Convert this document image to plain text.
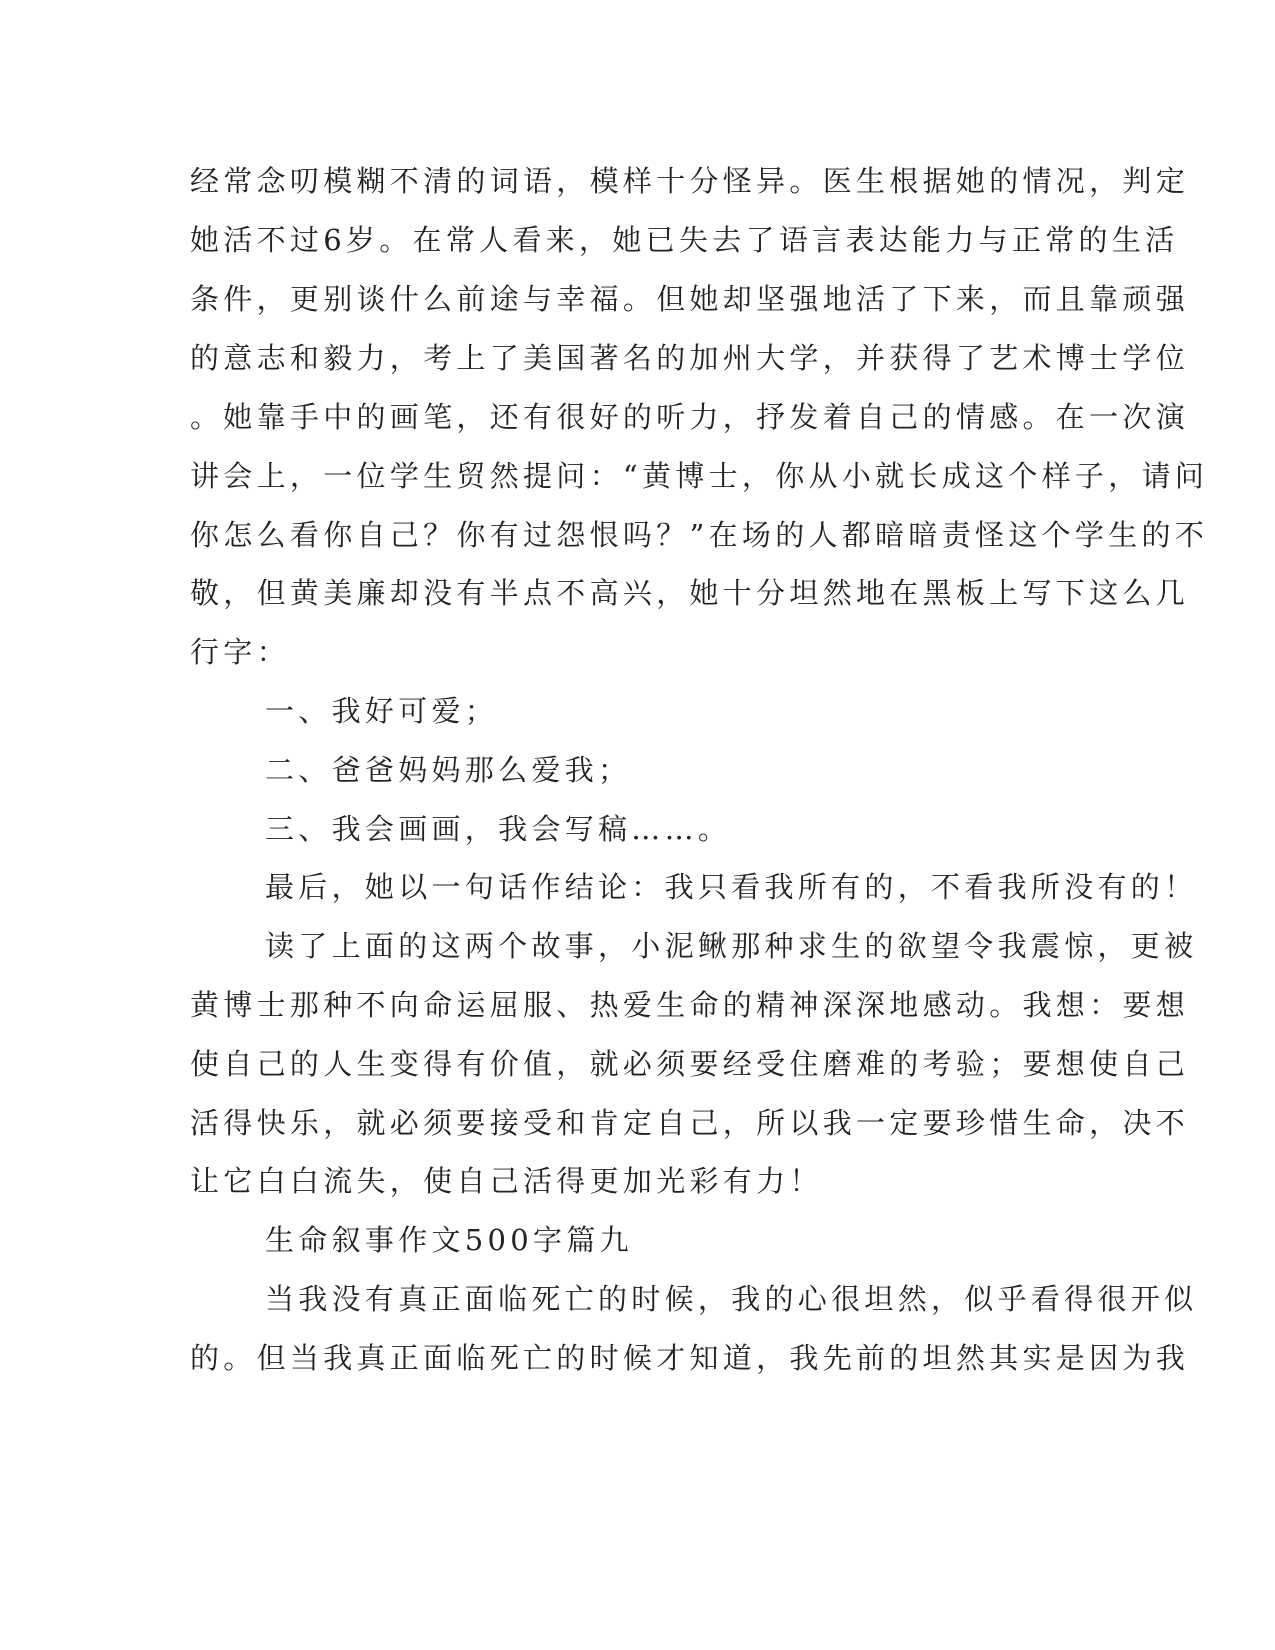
经常念叨模糊不清的词语，模样十分怪异。医生根据她的情况，判定
她活不过6岁。在常人看来，她已失去了语言表达能力与正常的生活
条件，更别谈什么前途与幸福。但她却坚强地活了下来，而且靠顽强
的意志和毅力，考上了美国著名的加州大学，并获得了艺术博士学位
。她靠手中的画笔，还有很好的听力，抒发着自己的情感。在一次演
讲会上，一位学生贸然提问：“黄博士，你从小就长成这个样子，请问
你怎么看你自己？你有过怨恨吗？”在场的人都暗暗责怪这个学生的不
敬，但黄美廉却没有半点不高兴，她十分坦然地在黑板上写下这么几
行字：
一、我好可爱；
二、爸爸妈妈那么爱我；
三、我会画画，我会写稿……。
最后，她以一句话作结论：我只看我所有的，不看我所没有的！
读了上面的这两个故事，小泥鳅那种求生的欲望令我震惊，更被
黄博士那种不向命运屈服、热爱生命的精神深深地感动。我想：要想
使自己的人生变得有价值，就必须要经受住磨难的考验；要想使自己
活得快乐，就必须要接受和肯定自己，所以我一定要珍惜生命，决不
让它白白流失，使自己活得更加光彩有力！
生命叙事作文500字篇九
当我没有真正面临死亡的时候，我的心很坦然，似乎看得很开似
的。但当我真正面临死亡的时候才知道，我先前的坦然其实是因为我
